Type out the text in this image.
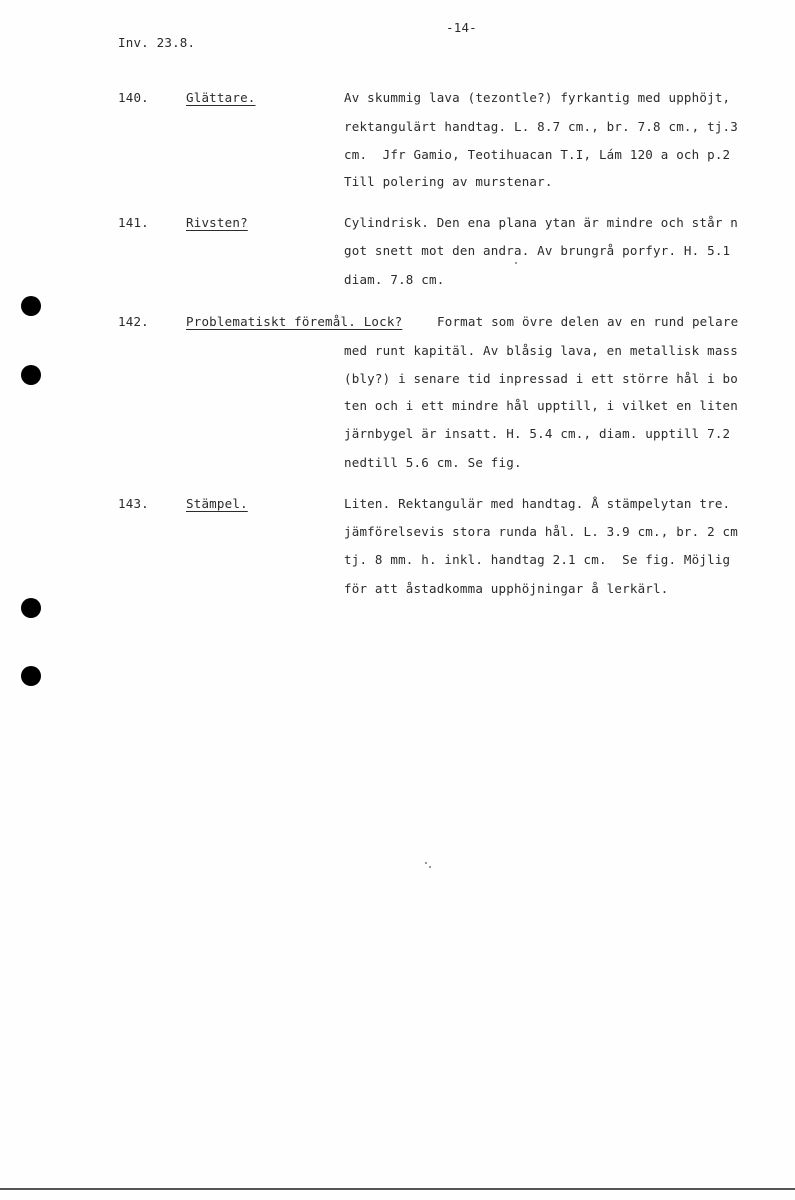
Inv. 23.8.
-14-
140.	Glättare.	Av skummig lava (tezontle?) fyrkantig med upphöjt,
rektangulärt handtag. L. 8.7 cm., br. 7.8 cm., tj.3
cm.  Jfr Gamio, Teotihuacan T.I, Lám 120 a och p.2
Till polering av murstenar.
141.	Rivsten?	Cylindrisk. Den ena plana ytan är mindre och står n
got snett mot den andra. Av brungrå porfyr. H. 5.1
diam. 7.8 cm.
142.	Problematiskt föremål. Lock?	Format som övre delen av en rund pelare
med runt kapitäl. Av blåsig lava, en metallisk mass
(bly?) i senare tid inpressad i ett större hål i bo
ten och i ett mindre hål upptill, i vilket en liten
järnbygel är insatt. H. 5.4 cm., diam. upptill 7.2
nedtill 5.6 cm. Se fig.
143.	Stämpel.	Liten. Rektangulär med handtag. Å stämpelytan tre.
jämförelsevis stora runda hål. L. 3.9 cm., br. 2 cm
tj. 8 mm. h. inkl. handtag 2.1 cm.  Se fig. Möjlig
för att åstadkomma upphöjningar å lerkärl.
